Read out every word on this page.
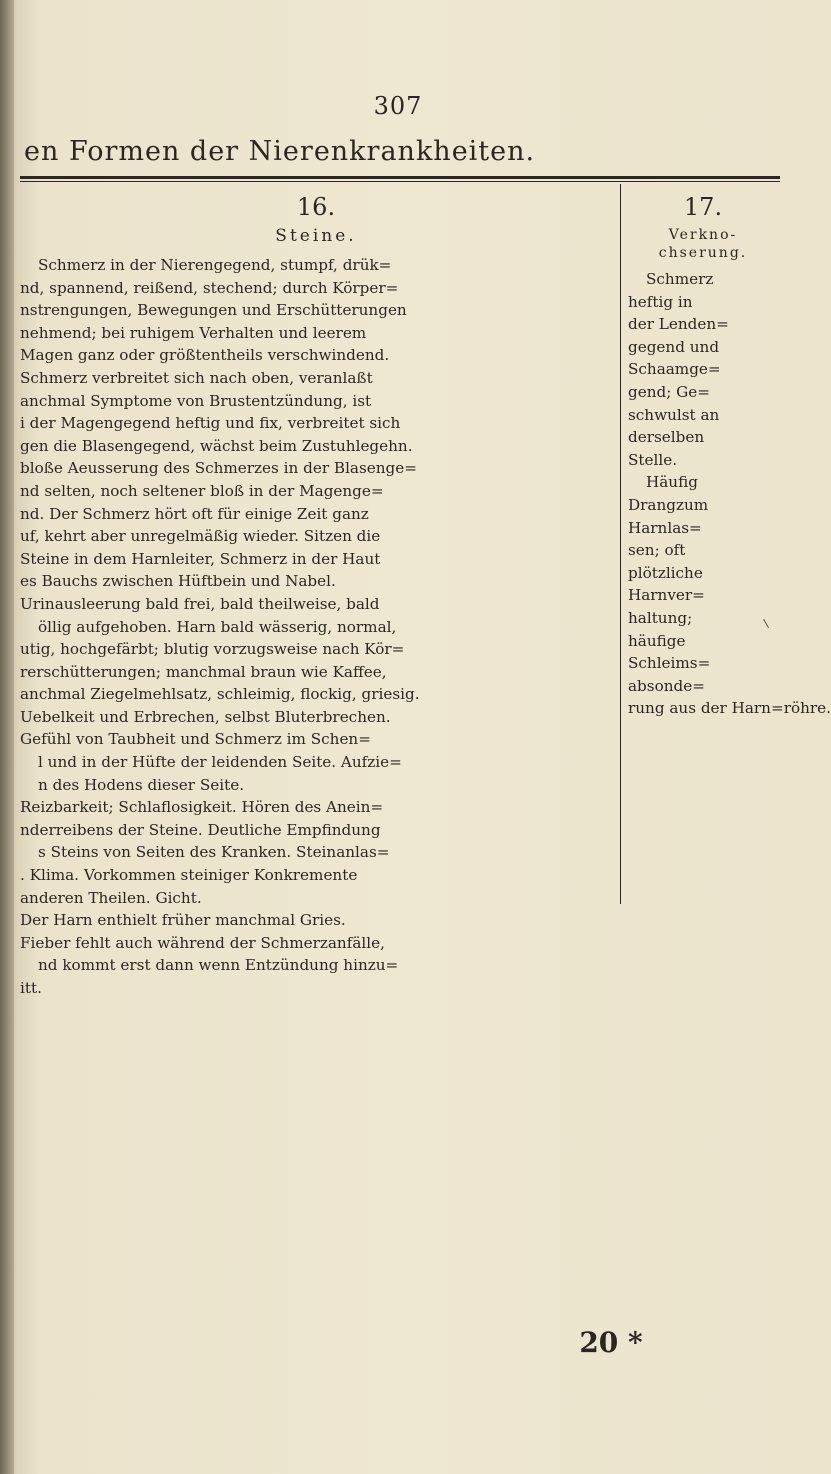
307
en Formen der Nierenkrankheiten.
16.
Steine.
Schmerz in der Nierengegend, stumpf, drük=
nd, spannend, reißend, stechend; durch Körper=
nstrengungen, Bewegungen und Erschütterungen
nehmend; bei ruhigem Verhalten und leerem
Magen ganz oder größtentheils verschwindend.
Schmerz verbreitet sich nach oben, veranlaßt
anchmal Symptome von Brustentzündung, ist
i der Magengegend heftig und fix, verbreitet sich
gen die Blasengegend, wächst beim Zustuhlegehn.
bloße Aeusserung des Schmerzes in der Blasenge=
nd selten, noch seltener bloß in der Magenge=
nd. Der Schmerz hört oft für einige Zeit ganz
uf, kehrt aber unregelmäßig wieder. Sitzen die
Steine in dem Harnleiter, Schmerz in der Haut
es Bauchs zwischen Hüftbein und Nabel.
Urinausleerung bald frei, bald theilweise, bald
öllig aufgehoben. Harn bald wässerig, normal,
utig, hochgefärbt; blutig vorzugsweise nach Kör=
rerschütterungen; manchmal braun wie Kaffee,
anchmal Ziegelmehlsatz, schleimig, flockig, griesig.
Uebelkeit und Erbrechen, selbst Bluterbrechen.
Gefühl von Taubheit und Schmerz im Schen=
l und in der Hüfte der leidenden Seite. Aufzie=
n des Hodens dieser Seite.
Reizbarkeit; Schlaflosigkeit. Hören des Anein=
nderreibens der Steine. Deutliche Empfindung
s Steins von Seiten des Kranken. Steinanlas=
. Klima. Vorkommen steiniger Konkremente
anderen Theilen. Gicht.
Der Harn enthielt früher manchmal Gries.
Fieber fehlt auch während der Schmerzanfälle,
nd kommt erst dann wenn Entzündung hinzu=
itt.
17.
Verkno-
chserung.
Schmerz
heftig in
der Lenden=
gegend und
Schaamge=
gend; Ge=
schwulst an
derselben
Stelle.
Häufig
Drangzum
Harnlas=
sen; oft
plötzliche
Harnver=
haltung;
häufige
Schleims=
absonde=
rung aus der Harn=röhre.
20 *
